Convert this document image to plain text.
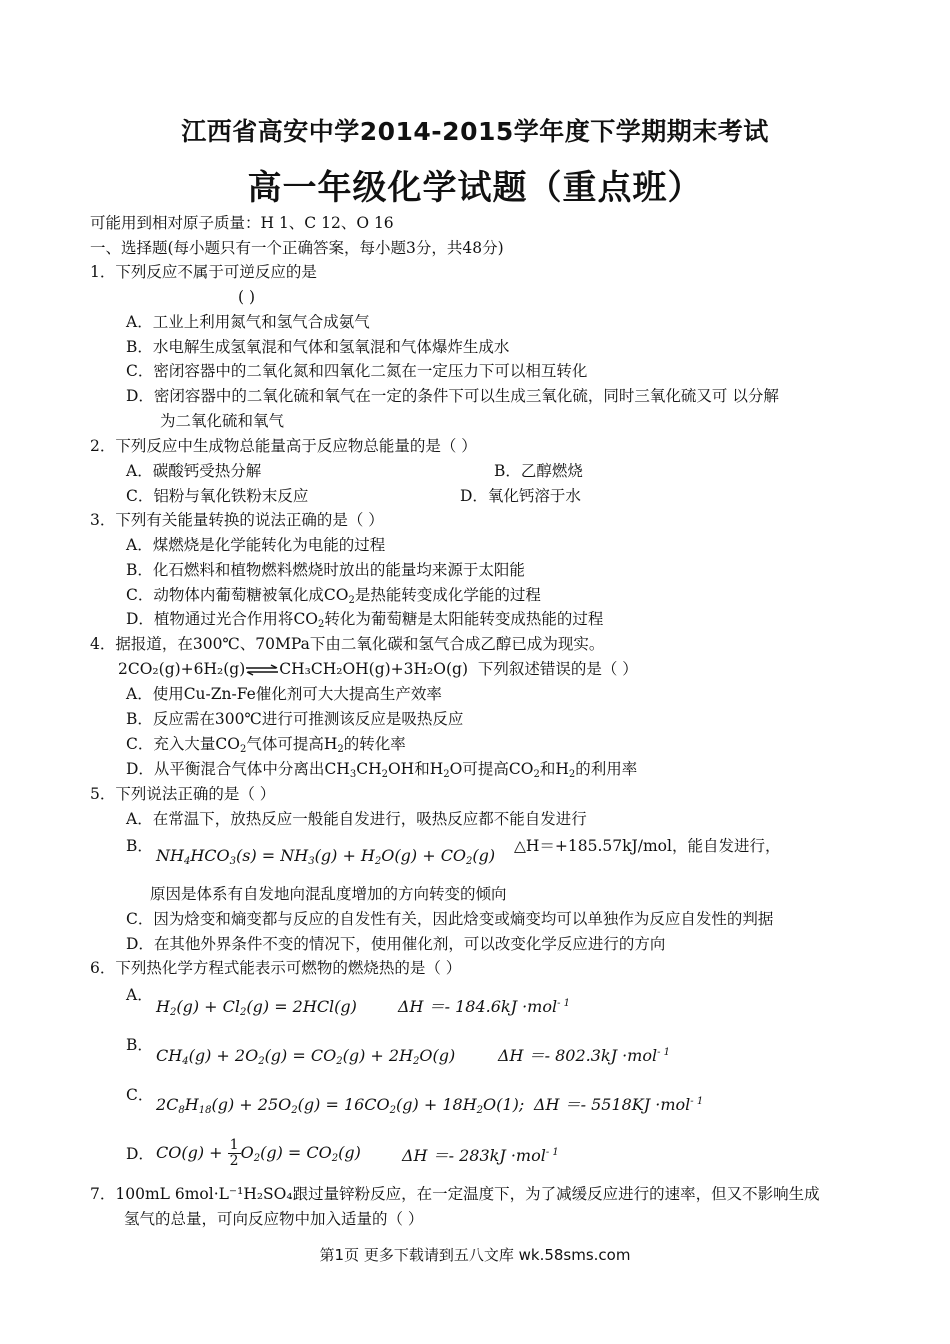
江西省高安中学2014-2015学年度下学期期末考试
高一年级化学试题（重点班）
可能用到相对原子质量：H 1、C 12、O 16
一、选择题(每小题只有一个正确答案，每小题3分，共48分)
1．下列反应不属于可逆反应的是
( )
A．工业上利用氮气和氢气合成氨气
B．水电解生成氢氧混和气体和氢氧混和气体爆炸生成水
C．密闭容器中的二氧化氮和四氧化二氮在一定压力下可以相互转化
D．密闭容器中的二氧化硫和氧气在一定的条件下可以生成三氧化硫，同时三氧化硫又可 以分解
为二氧化硫和氧气
2．下列反应中生成物总能量高于反应物总能量的是（ ）
A．碳酸钙受热分解	B．乙醇燃烧
C．铝粉与氧化铁粉末反应	D．氧化钙溶于水
3．下列有关能量转换的说法正确的是（ ）
A．煤燃烧是化学能转化为电能的过程
B．化石燃料和植物燃料燃烧时放出的能量均来源于太阳能
C．动物体内葡萄糖被氧化成$CO_2$是热能转变成化学能的过程
D．植物通过光合作用将$CO_2$转化为葡萄糖是太阳能转变成热能的过程
4．据报道，在300℃、70MPa下由二氧化碳和氢气合成乙醇已成为现实。
2CO₂(g)+6H₂(g)⇌CH₃CH₂OH(g)+3H₂O(g) 下列叙述错误的是（ ）
A．使用Cu-Zn-Fe催化剂可大大提高生产效率
B．反应需在300℃进行可推测该反应是吸热反应
C．充入大量$CO_2$气体可提高$H_2$的转化率
D．从平衡混合气体中分离出$CH_3CH_2OH$和$H_2O$可提高$CO_2$和$H_2$的利用率
5．下列说法正确的是（ ）
A．在常温下，放热反应一般能自发进行，吸热反应都不能自发进行
B． $NH_4HCO_3(s) = NH_3(g) + H_2O(g) + CO_2(g)$ △H＝+185.57kJ/mol，能自发进行，
原因是体系有自发地向混乱度增加的方向转变的倾向
C．因为焓变和熵变都与反应的自发性有关，因此焓变或熵变均可以单独作为反应自发性的判据
D．在其他外界条件不变的情况下，使用催化剂，可以改变化学反应进行的方向
6．下列热化学方程式能表示可燃物的燃烧热的是（ ）
A．
$H_2(g) + Cl_2(g) = 2HCl(g)$	ΔH ＝- 184.6kJ ·mol$^{- 1}$
B．
$CH_4(g) + 2O_2(g) = CO_2(g) + 2H_2O(g)$	ΔH ＝- 802.3kJ ·mol$^{- 1}$
C． $2C_8H_{18}(g) + 25O_2(g) = 16CO_2(g) + 18H_2O(1)$; ΔH ＝- 5518KJ ·mol$^{- 1}$
D． $CO(g) + \frac{1}{2} O_2(g) = CO_2(g)$	ΔH ＝- 283kJ ·mol$^{- 1}$
7．100mL 6mol·L⁻¹H₂SO₄跟过量锌粉反应，在一定温度下，为了减缓反应进行的速率，但又不影响生成
氢气的总量，可向反应物中加入适量的（ ）
第1页 更多下载请到五八文库 wk.58sms.com
